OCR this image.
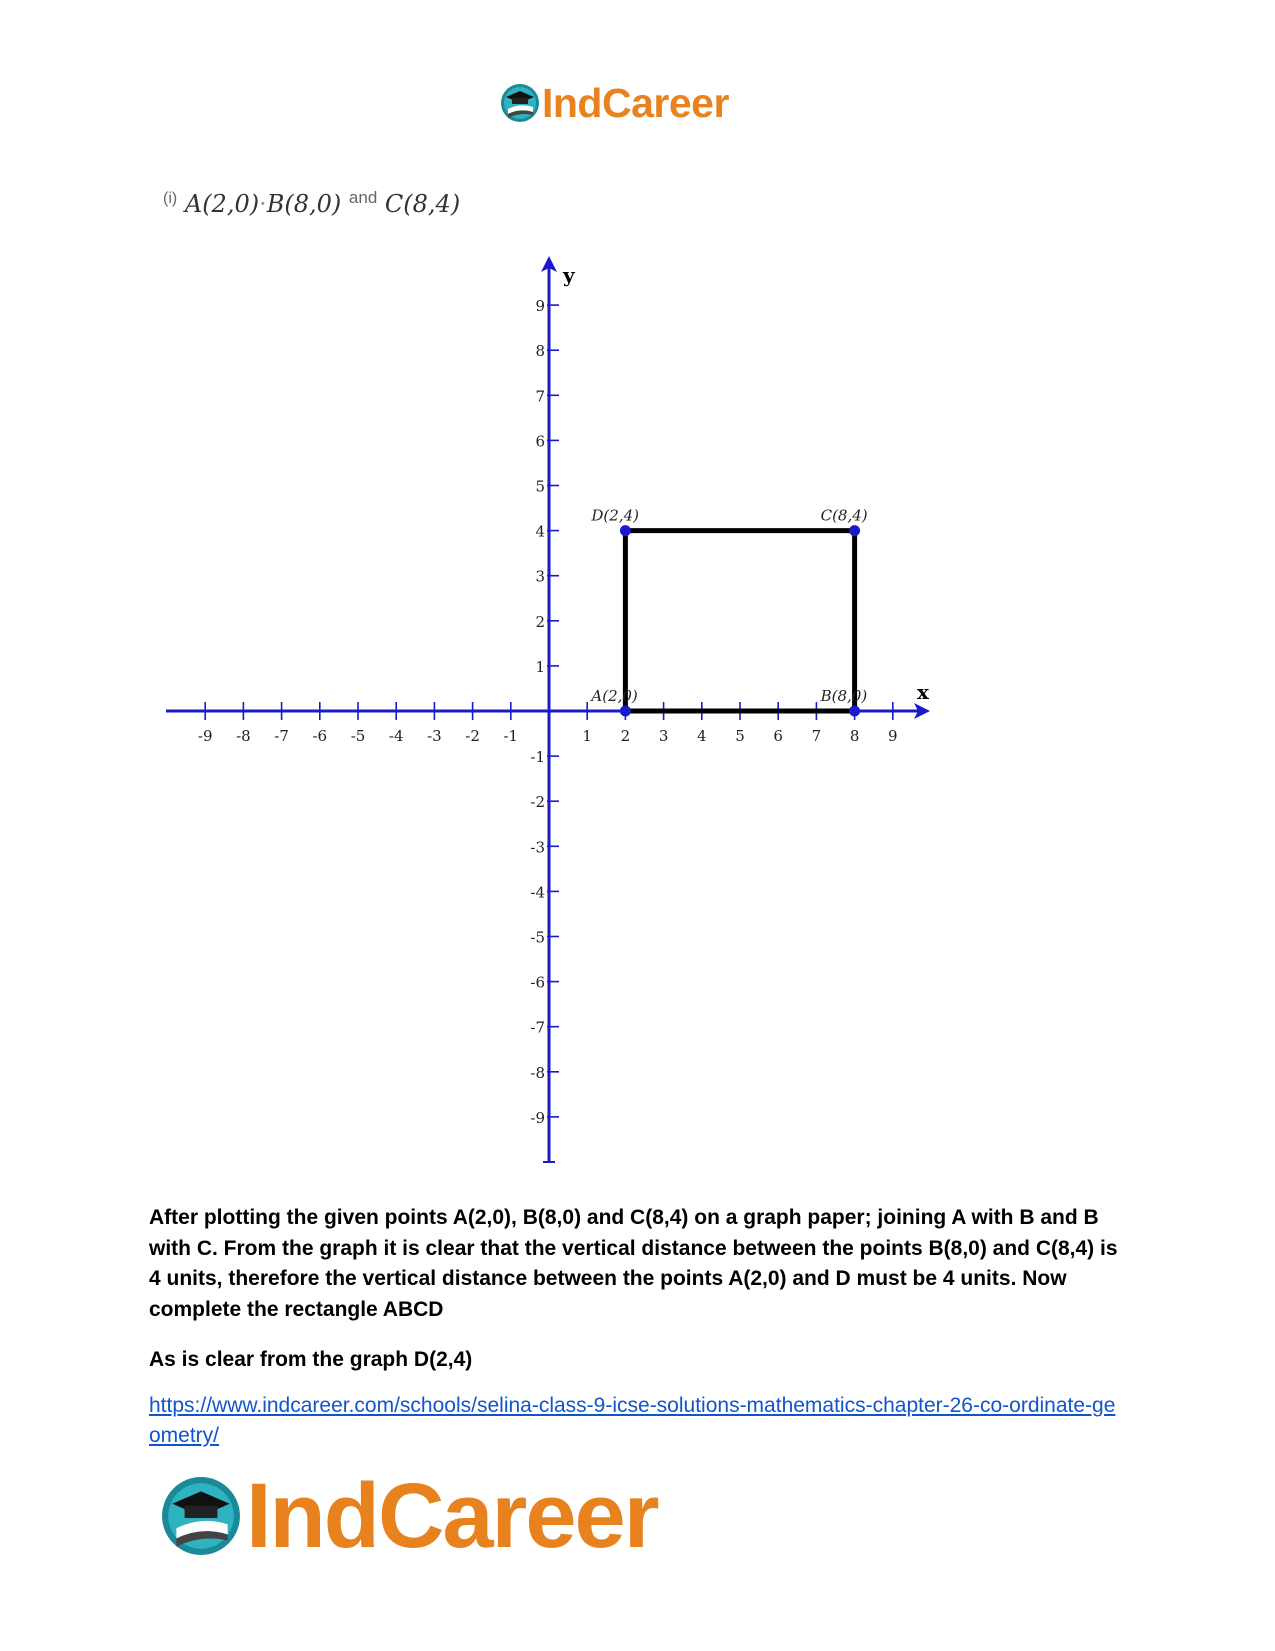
IndCareer
$^{(i)}$ A(2,0)·B(8,0) $^{and}$ C(8,4)
x
y
-9 -8 -7 -6 -5 -4 -3 -2 -1	1 2 3 4 5 6 7 8 9
9
8
7
6
5
4
3
2
1
-1
-2
-3
-4
-5
-6
-7
-8
-9
A(2,0)	B(8,0)
C(8,4)
D(2,4)

After plotting the given points A(2,0), B(8,0) and C(8,4) on a graph paper; joining A with B and B with C. From the graph it is clear that the vertical distance between the points B(8,0) and C(8,4) is 4 units, therefore the vertical distance between the points A(2,0) and D must be 4 units. Now complete the rectangle ABCD

As is clear from the graph D(2,4)

https://www.indcareer.com/schools/selina-class-9-icse-solutions-mathematics-chapter-26-co-ordinate-geometry/
IndCareer
